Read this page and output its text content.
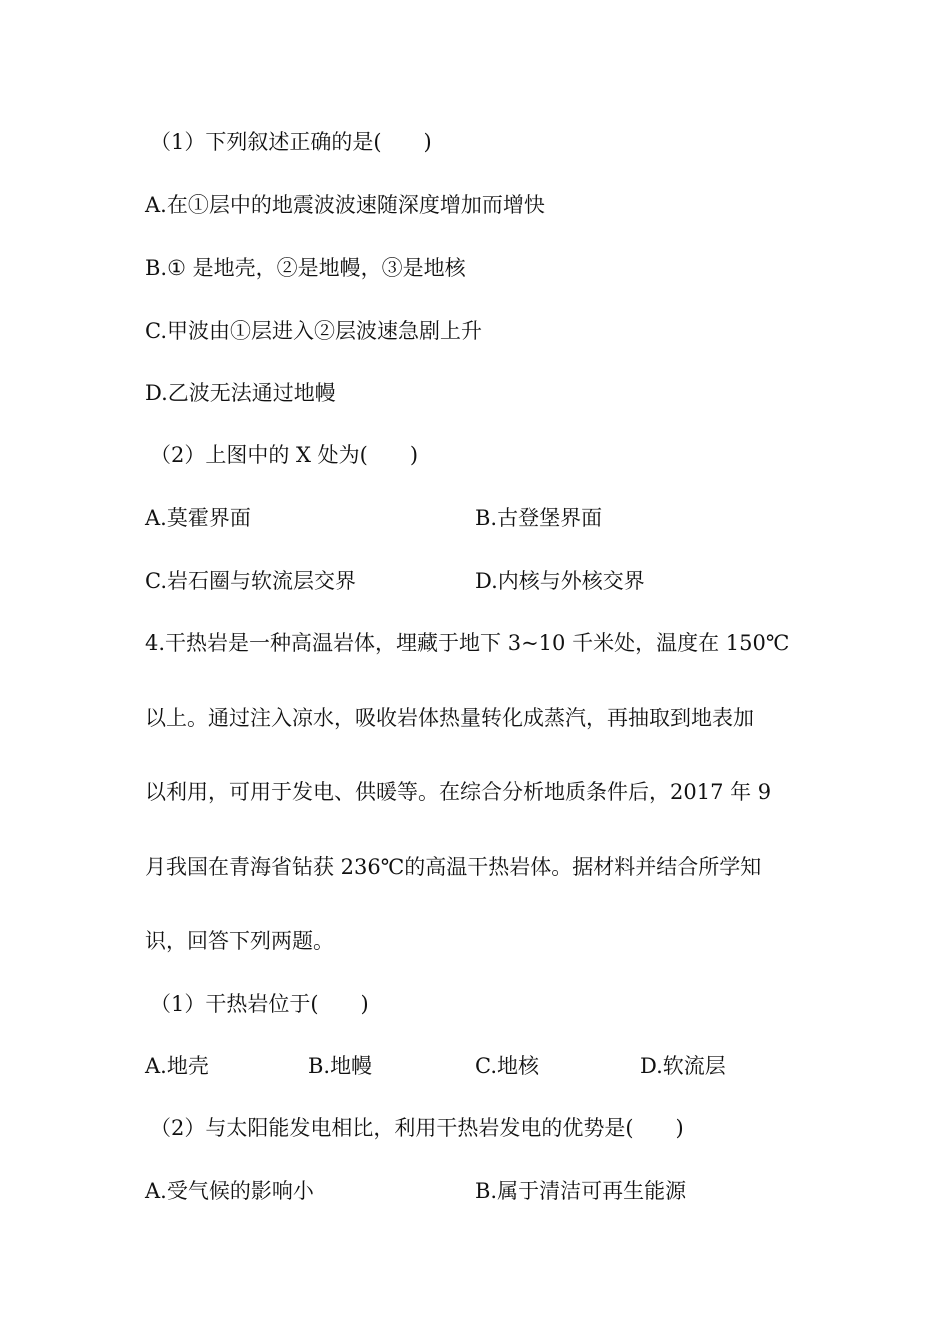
（1）下列叙述正确的是(　　)
A.在①层中的地震波波速随深度增加而增快
B.① 是地壳，②是地幔，③是地核
C.甲波由①层进入②层波速急剧上升
D.乙波无法通过地幔
（2）上图中的 X 处为(　　)
A.莫霍界面	B.古登堡界面
C.岩石圈与软流层交界	D.内核与外核交界
4.干热岩是一种高温岩体，埋藏于地下 3~10 千米处，温度在 150℃
以上。通过注入凉水，吸收岩体热量转化成蒸汽，再抽取到地表加
以利用，可用于发电、供暖等。在综合分析地质条件后，2017 年 9
月我国在青海省钻获 236℃的高温干热岩体。据材料并结合所学知
识，回答下列两题。
（1）干热岩位于(　　)
A.地壳	B.地幔	C.地核	D.软流层
（2）与太阳能发电相比，利用干热岩发电的优势是(　　)
A.受气候的影响小	B.属于清洁可再生能源
